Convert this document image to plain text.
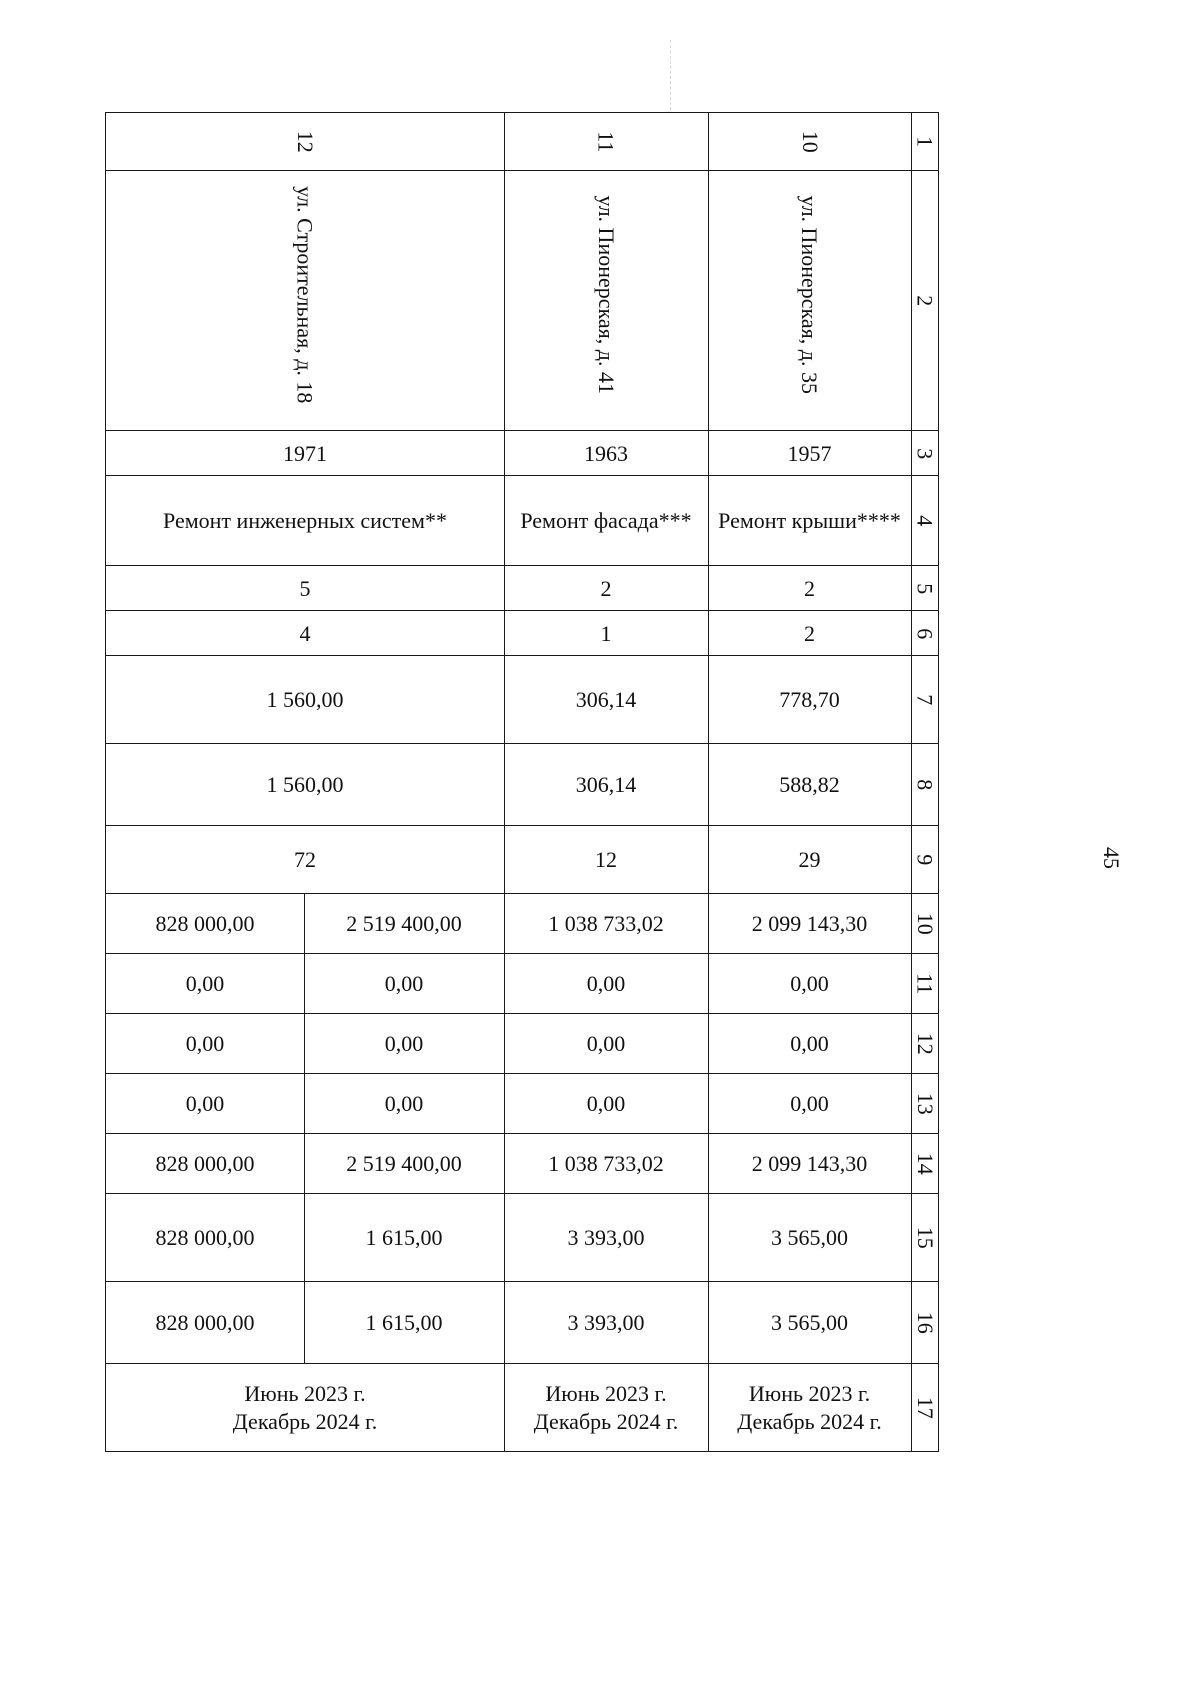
45
1
2
3
4
5
6
7
8
9
10
11
12
13
14
15
16
17
10
ул. Пионерская, д. 35
1957
Ремонт крыши****
2
2
778,70
588,82
29
2 099 143,30
0,00
0,00
0,00
2 099 143,30
3 565,00
3 565,00
Июнь 2023 г.
Декабрь 2024 г.
11
ул. Пионерская, д. 41
1963
Ремонт фасада***
2
1
306,14
306,14
12
1 038 733,02
0,00
0,00
0,00
1 038 733,02
3 393,00
3 393,00
Июнь 2023 г.
Декабрь 2024 г.
12
ул. Строительная, д. 18
1971
Ремонт инженерных систем**
5
4
1 560,00
1 560,00
72
2 519 400,00
828 000,00
0,00
0,00
0,00
0,00
0,00
0,00
2 519 400,00
828 000,00
1 615,00
828 000,00
1 615,00
828 000,00
Июнь 2023 г.
Декабрь 2024 г.
